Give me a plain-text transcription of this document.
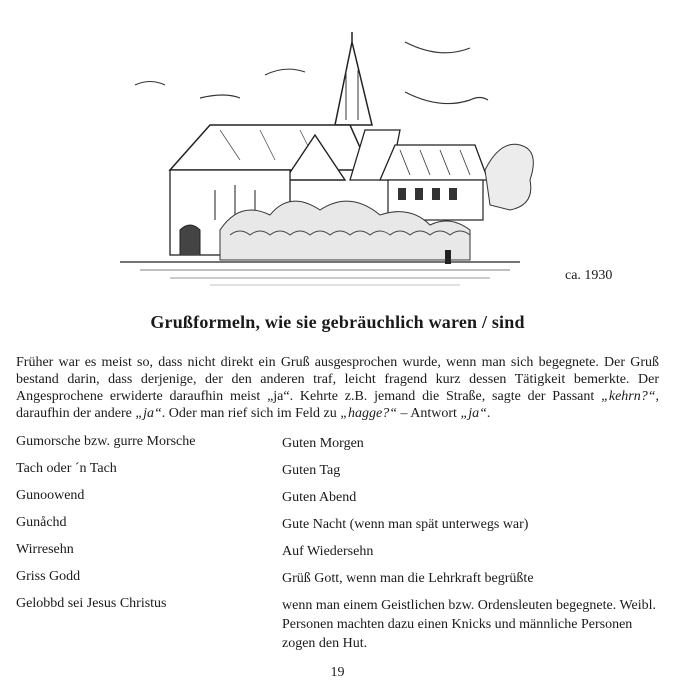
ca. 1930
Grußformeln, wie sie gebräuchlich waren / sind
Früher war es meist so, dass nicht direkt ein Gruß ausgesprochen wurde, wenn man sich begegnete. Der Gruß bestand darin, dass derjenige, der den anderen traf, leicht fragend kurz dessen Tätigkeit bemerkte. Der Angesprochene erwiderte daraufhin meist „ja“. Kehrte z.B. jemand die Straße, sagte der Passant „kehrn?“, daraufhin der andere „ja“. Oder man rief sich im Feld zu „hagge?“ – Antwort „ja“.
Gumorsche bzw. gurre Morsche	Guten Morgen
Tach oder ´n Tach	Guten Tag
Gunoowend	Guten Abend
Gunåchd	Gute Nacht (wenn man spät unterwegs war)
Wirresehn	Auf Wiedersehn
Griss Godd	Grüß Gott, wenn man die Lehrkraft begrüßte
Gelobbd sei Jesus Christus	wenn man einem Geistlichen bzw. Ordensleuten begegnete. Weibl. Personen machten dazu einen Knicks und männliche Personen zogen den Hut.
19
